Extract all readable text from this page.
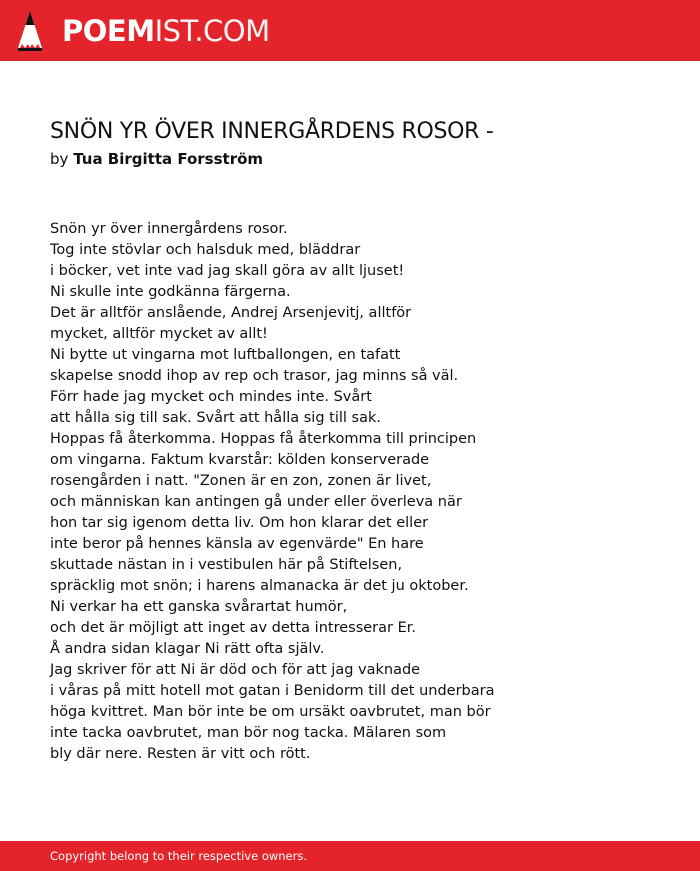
POEMIST.COM
SNÖN YR ÖVER INNERGÅRDENS ROSOR -
by Tua Birgitta Forsström
Snön yr över innergårdens rosor.
Tog inte stövlar och halsduk med, bläddrar
i böcker, vet inte vad jag skall göra av allt ljuset!
Ni skulle inte godkänna färgerna.
Det är alltför anslående, Andrej Arsenjevitj, alltför
mycket, alltför mycket av allt!
Ni bytte ut vingarna mot luftballongen, en tafatt
skapelse snodd ihop av rep och trasor, jag minns så väl.
Förr hade jag mycket och mindes inte. Svårt
att hålla sig till sak. Svårt att hålla sig till sak.
Hoppas få återkomma. Hoppas få återkomma till principen
om vingarna. Faktum kvarstår: kölden konserverade
rosengården i natt. "Zonen är en zon, zonen är livet,
och människan kan antingen gå under eller överleva när
hon tar sig igenom detta liv. Om hon klarar det eller
inte beror på hennes känsla av egenvärde" En hare
skuttade nästan in i vestibulen här på Stiftelsen,
spräcklig mot snön; i harens almanacka är det ju oktober.
Ni verkar ha ett ganska svårartat humör,
och det är möjligt att inget av detta intresserar Er.
Å andra sidan klagar Ni rätt ofta själv.
Jag skriver för att Ni är död och för att jag vaknade
i våras på mitt hotell mot gatan i Benidorm till det underbara
höga kvittret. Man bör inte be om ursäkt oavbrutet, man bör
inte tacka oavbrutet, man bör nog tacka. Mälaren som
bly där nere. Resten är vitt och rött.
Copyright belong to their respective owners.
